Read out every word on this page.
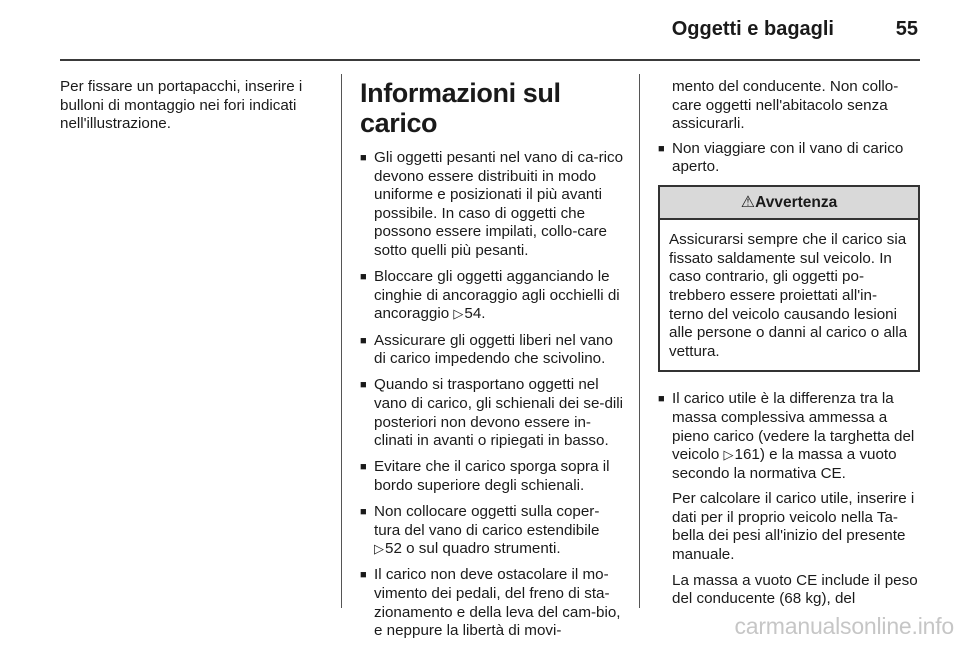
Oggetti e bagagli	55
Per fissare un portapacchi, inserire i bulloni di montaggio nei fori indicati nell'illustrazione.
Informazioni sul carico
■ Gli oggetti pesanti nel vano di ca-rico devono essere distribuiti in modo uniforme e posizionati il più avanti possibile. In caso di oggetti che possono essere impilati, collo-care sotto quelli più pesanti.
■ Bloccare gli oggetti agganciando le cinghie di ancoraggio agli occhielli di ancoraggio ▷54.
■ Assicurare gli oggetti liberi nel vano di carico impedendo che scivolino.
■ Quando si trasportano oggetti nel vano di carico, gli schienali dei se-dili posteriori non devono essere in-clinati in avanti o ripiegati in basso.
■ Evitare che il carico sporga sopra il bordo superiore degli schienali.
■ Non collocare oggetti sulla coper-tura del vano di carico estendibile ▷52 o sul quadro strumenti.
■ Il carico non deve ostacolare il mo-vimento dei pedali, del freno di sta-zionamento e della leva del cam-bio, e neppure la libertà di movi-
mento del conducente. Non collo-care oggetti nell'abitacolo senza assicurarli.
■ Non viaggiare con il vano di carico aperto.
⚠Avvertenza
Assicurarsi sempre che il carico sia fissato saldamente sul veicolo. In caso contrario, gli oggetti po-trebbero essere proiettati all'in-terno del veicolo causando lesioni alle persone o danni al carico o alla vettura.
■ Il carico utile è la differenza tra la massa complessiva ammessa a pieno carico (vedere la targhetta del veicolo ▷161) e la massa a vuoto secondo la normativa CE.

Per calcolare il carico utile, inserire i dati per il proprio veicolo nella Ta-bella dei pesi all'inizio del presente manuale.

La massa a vuoto CE include il peso del conducente (68 kg), del

carmanualsonline.info
